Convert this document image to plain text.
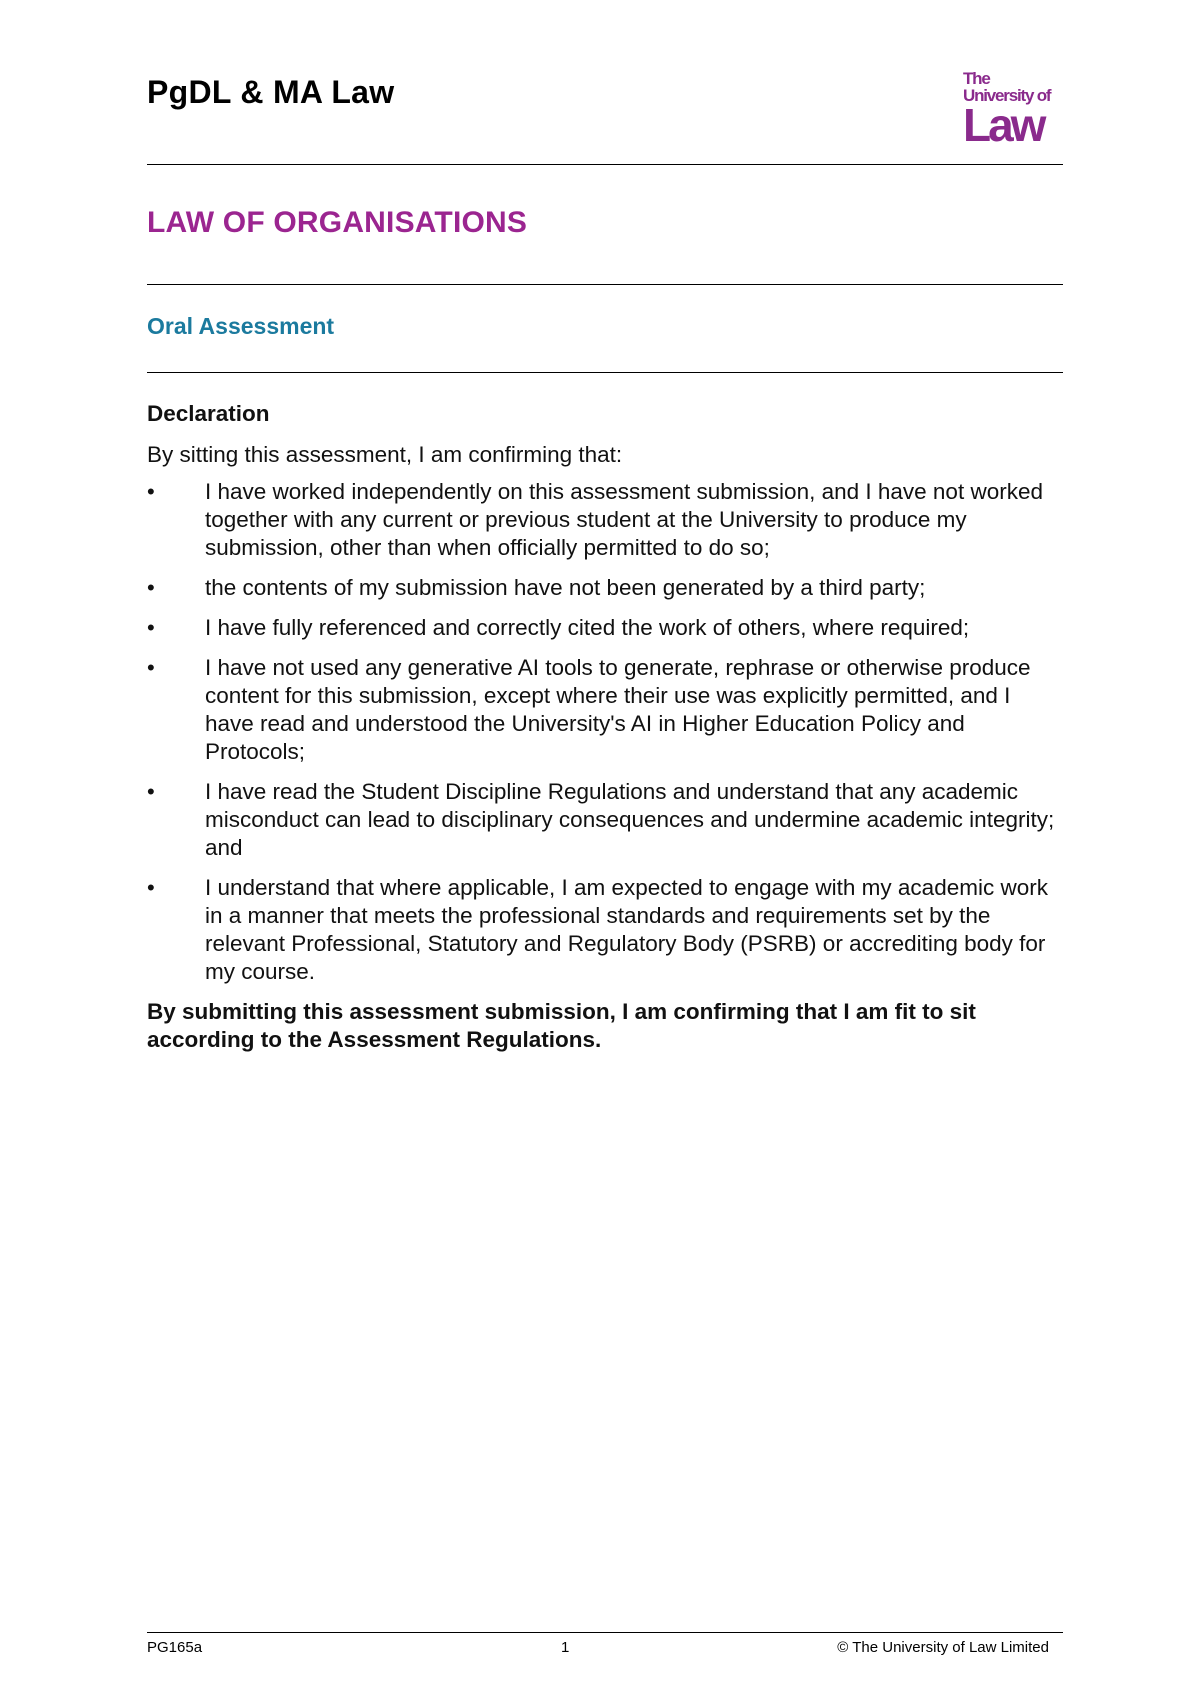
PgDL & MA Law	The
University of
Law
LAW OF ORGANISATIONS
Oral Assessment

Declaration

By sitting this assessment, I am confirming that:

•	I have worked independently on this assessment submission, and I have not worked together with any current or previous student at the University to produce my submission, other than when officially permitted to do so;
•	the contents of my submission have not been generated by a third party;
•	I have fully referenced and correctly cited the work of others, where required;
•	I have not used any generative AI tools to generate, rephrase or otherwise produce content for this submission, except where their use was explicitly permitted, and I have read and understood the University's AI in Higher Education Policy and Protocols;
•	I have read the Student Discipline Regulations and understand that any academic misconduct can lead to disciplinary consequences and undermine academic integrity; and
•	I understand that where applicable, I am expected to engage with my academic work in a manner that meets the professional standards and requirements set by the relevant Professional, Statutory and Regulatory Body (PSRB) or accrediting body for my course.

By submitting this assessment submission, I am confirming that I am fit to sit according to the Assessment Regulations.

PG165a	1	© The University of Law Limited
